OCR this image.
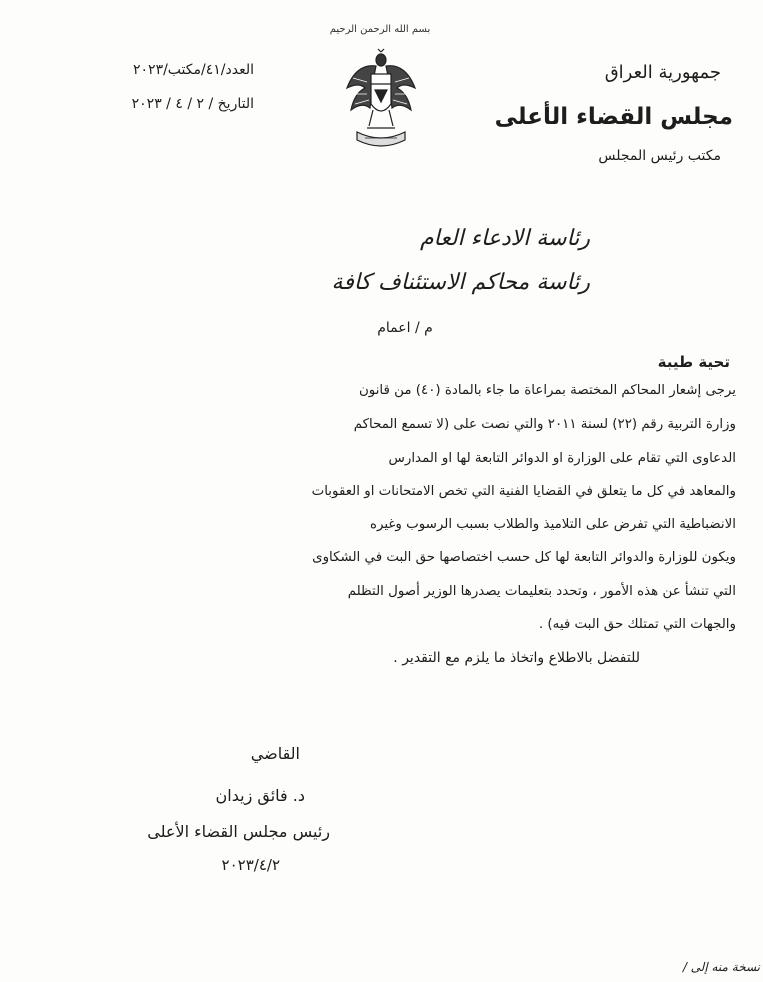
بسم الله الرحمن الرحيم
جمهورية العراق
مجلس القضاء الأعلى
مكتب رئيس المجلس
العدد/٤١/مكتب/٢٠٢٣
التاريخ / ٢ / ٤ / ٢٠٢٣
رئاسة الادعاء العام
رئاسة محاكم الاستئناف كافة
م / اعمام
تحية طيبة
يرجى إشعار المحاكم المختصة بمراعاة ما جاء بالمادة (٤٠) من قانون
وزارة التربية رقم (٢٢) لسنة ٢٠١١ والتي نصت على (لا تسمع المحاكم
الدعاوى التي تقام على الوزارة او الدوائر التابعة لها او المدارس
والمعاهد في كل ما يتعلق في القضايا الفنية التي تخص الامتحانات او العقوبات
الانضباطية التي تفرض على التلاميذ والطلاب بسبب الرسوب وغيره
ويكون للوزارة والدوائر التابعة لها كل حسب اختصاصها حق البت في الشكاوى
التي تنشأ عن هذه الأمور ، وتحدد بتعليمات يصدرها الوزير أصول التظلم
والجهات التي تمتلك حق البت فيه) .
للتفضل بالاطلاع واتخاذ ما يلزم مع التقدير .
القاضي
د. فائق زيدان
رئيس مجلس القضاء الأعلى
٢٠٢٣/٤/٢
نسخة منه إلى /
